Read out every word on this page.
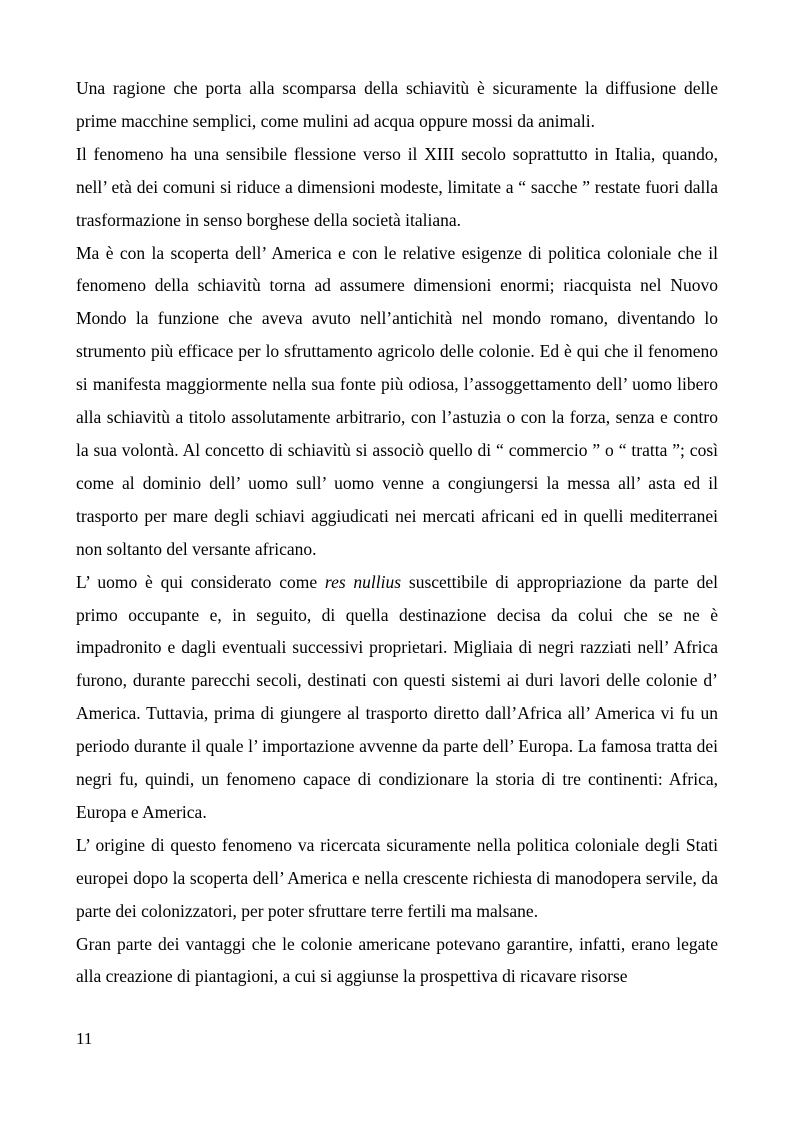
Una ragione che porta alla scomparsa della schiavitù è sicuramente la diffusione delle prime macchine semplici, come mulini ad acqua oppure mossi da animali.

Il fenomeno ha una sensibile flessione verso il XIII secolo soprattutto in Italia, quando, nell’ età dei comuni si riduce a dimensioni modeste, limitate a “ sacche ” restate fuori dalla trasformazione in senso borghese della società italiana.

Ma è con la scoperta dell’ America e con le relative esigenze di politica coloniale che il fenomeno della schiavitù torna ad assumere dimensioni enormi; riacquista nel Nuovo Mondo la funzione che aveva avuto nell’antichità nel mondo romano, diventando lo strumento più efficace per lo sfruttamento agricolo delle colonie. Ed è qui che il fenomeno si manifesta maggiormente nella sua fonte più odiosa, l’assoggettamento dell’ uomo libero alla schiavitù a titolo assolutamente arbitrario, con l’astuzia o con la forza, senza e contro la sua volontà. Al concetto di schiavitù si associò quello di “ commercio ” o “ tratta ”; così come al dominio dell’ uomo sull’ uomo venne a congiungersi la messa all’ asta ed il trasporto per mare degli schiavi aggiudicati nei mercati africani ed in quelli mediterranei non soltanto del versante africano.

L’ uomo è qui considerato come res nullius suscettibile di appropriazione da parte del primo occupante e, in seguito, di quella destinazione decisa da colui che se ne è impadronito e dagli eventuali successivi proprietari. Migliaia di negri razziati nell’ Africa furono, durante parecchi secoli, destinati con questi sistemi ai duri lavori delle colonie d’ America. Tuttavia, prima di giungere al trasporto diretto dall’Africa all’ America vi fu un periodo durante il quale l’ importazione avvenne da parte dell’ Europa. La famosa tratta dei negri fu, quindi, un fenomeno capace di condizionare la storia di tre continenti: Africa, Europa e America.

L’ origine di questo fenomeno va ricercata sicuramente nella politica coloniale degli Stati europei dopo la scoperta dell’ America e nella crescente richiesta di manodopera servile, da parte dei colonizzatori, per poter sfruttare terre fertili ma malsane.

Gran parte dei vantaggi che le colonie americane potevano garantire, infatti, erano legate alla creazione di piantagioni, a cui si aggiunse la prospettiva di ricavare risorse

11
